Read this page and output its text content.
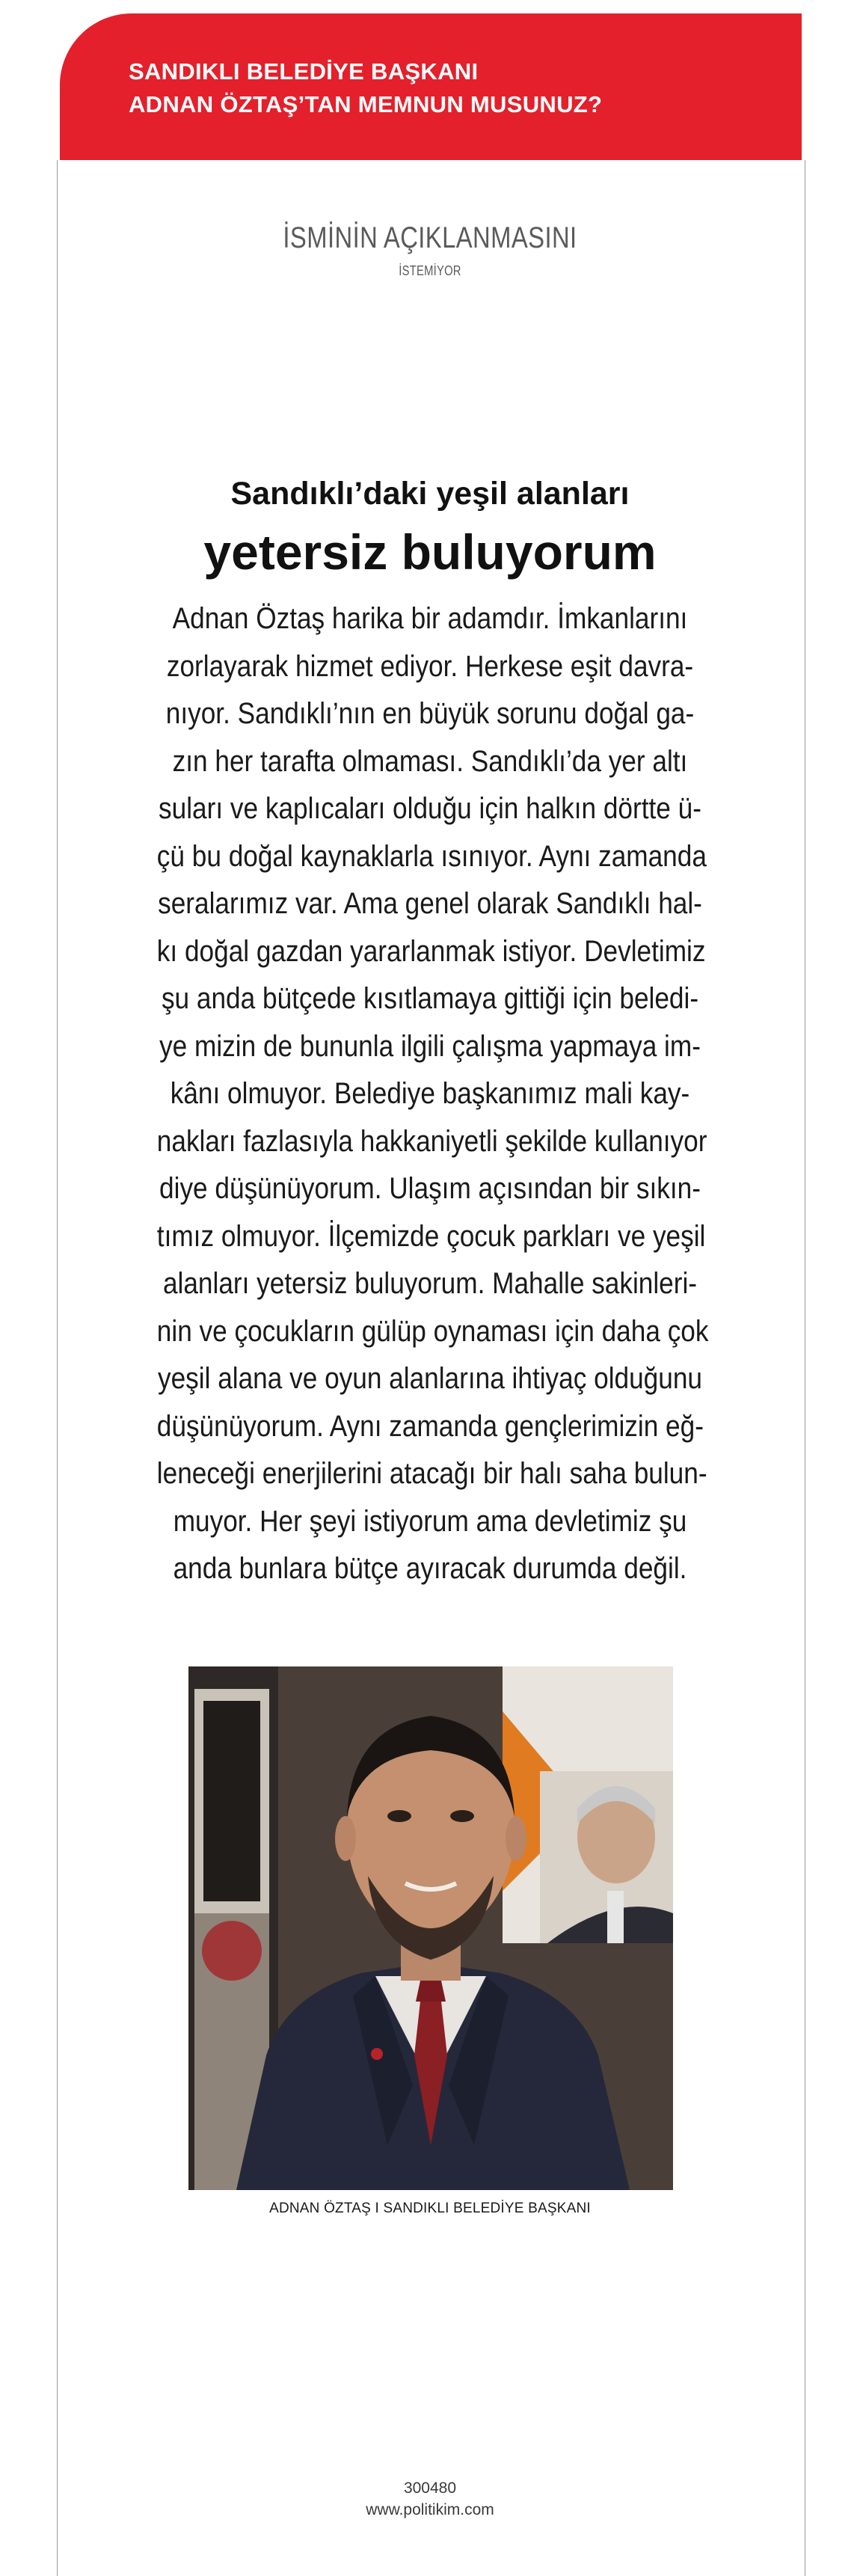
SANDIKLI BELEDİYE BAŞKANI
ADNAN ÖZTAŞ’TAN MEMNUN MUSUNUZ?
İSMİNİN AÇIKLANMASINI
İSTEMİYOR
Sandıklı’daki yeşil alanları
yetersiz buluyorum
Adnan Öztaş harika bir adamdır. İmkanlarını
zorlayarak hizmet ediyor. Herkese eşit davra-
nıyor. Sandıklı’nın en büyük sorunu doğal ga-
zın her tarafta olmaması. Sandıklı’da yer altı
suları ve kaplıcaları olduğu için halkın dörtte ü-
çü bu doğal kaynaklarla ısınıyor. Aynı zamanda
seralarımız var. Ama genel olarak Sandıklı hal-
kı doğal gazdan yararlanmak istiyor. Devletimiz
şu anda bütçede kısıtlamaya gittiği için beledi-
ye mizin de bununla ilgili çalışma yapmaya im-
kânı olmuyor. Belediye başkanımız mali kay-
nakları fazlasıyla hakkaniyetli şekilde kullanıyor
diye düşünüyorum. Ulaşım açısından bir sıkın-
tımız olmuyor. İlçemizde çocuk parkları ve yeşil
alanları yetersiz buluyorum. Mahalle sakinleri-
nin ve çocukların gülüp oynaması için daha çok
yeşil alana ve oyun alanlarına ihtiyaç olduğunu
düşünüyorum. Aynı zamanda gençlerimizin eğ-
leneceği enerjilerini atacağı bir halı saha bulun-
muyor. Her şeyi istiyorum ama devletimiz şu
anda bunlara bütçe ayıracak durumda değil.
ADNAN ÖZTAŞ I SANDIKLI BELEDİYE BAŞKANI
300480
www.politikim.com
